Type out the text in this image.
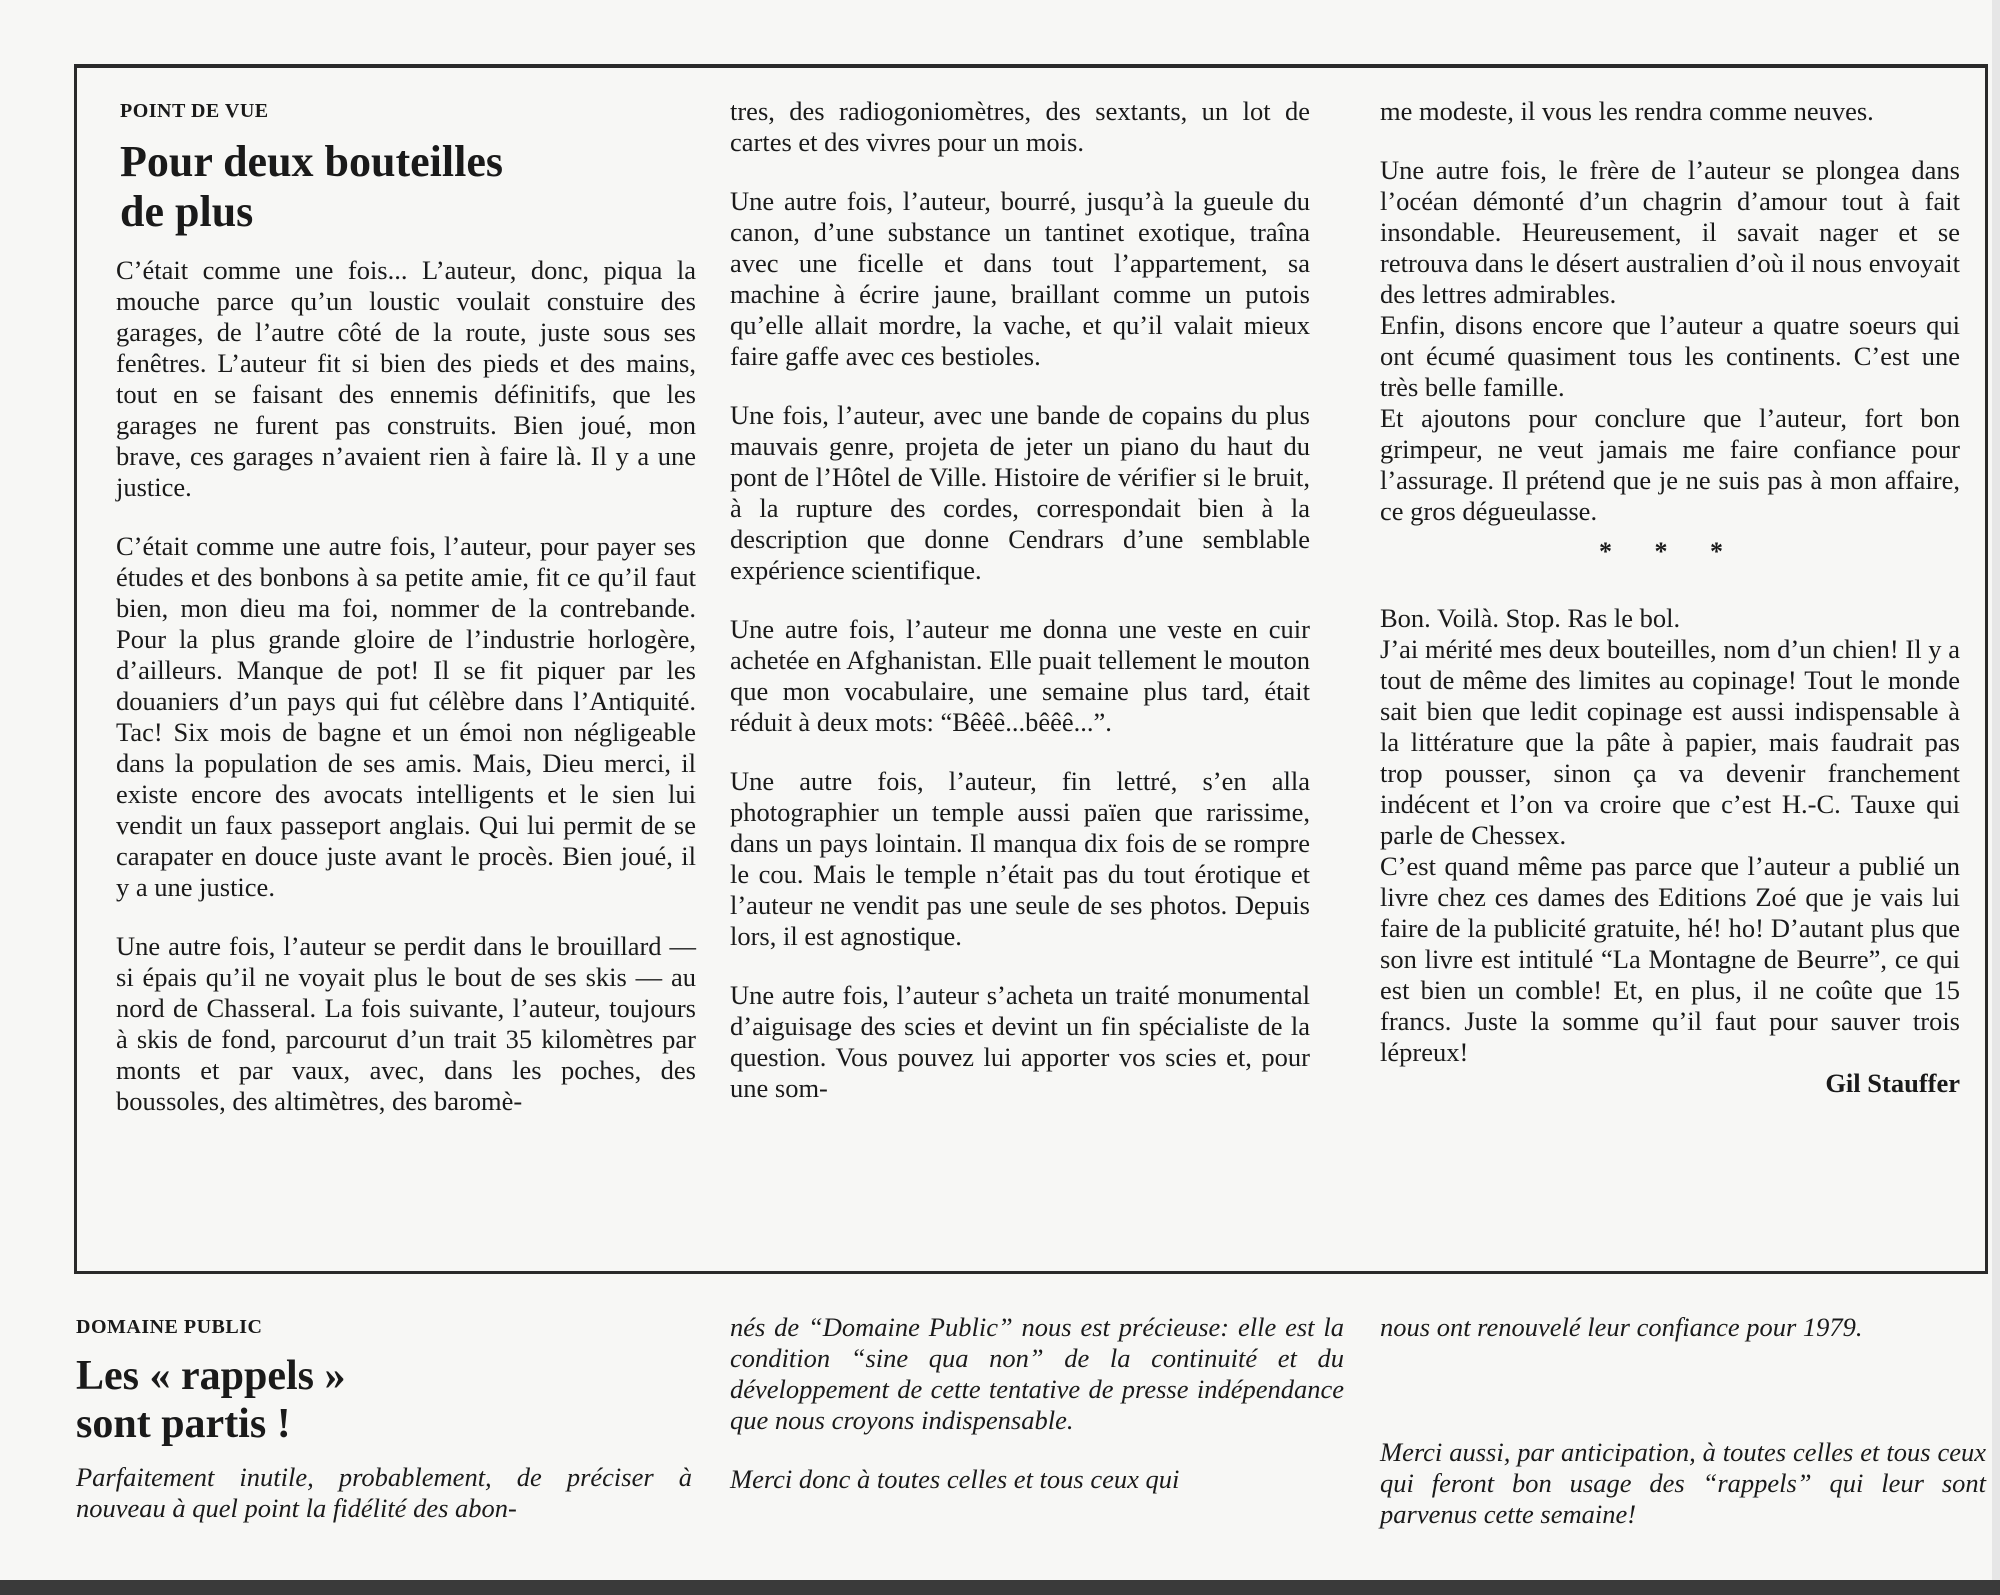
POINT DE VUE

Pour deux bouteilles
de plus

C’était comme une fois... L’auteur, donc, piqua la mouche parce qu’un loustic voulait constuire des garages, de l’autre côté de la route, juste sous ses fenêtres. L’auteur fit si bien des pieds et des mains, tout en se faisant des ennemis définitifs, que les garages ne furent pas construits. Bien joué, mon brave, ces garages n’avaient rien à faire là. Il y a une justice.

C’était comme une autre fois, l’auteur, pour payer ses études et des bonbons à sa petite amie, fit ce qu’il faut bien, mon dieu ma foi, nommer de la contrebande. Pour la plus grande gloire de l’industrie horlogère, d’ailleurs. Manque de pot! Il se fit piquer par les douaniers d’un pays qui fut célèbre dans l’Antiquité. Tac! Six mois de bagne et un émoi non négligeable dans la population de ses amis. Mais, Dieu merci, il existe encore des avocats intelligents et le sien lui vendit un faux passeport anglais. Qui lui permit de se carapater en douce juste avant le procès. Bien joué, il y a une justice.

Une autre fois, l’auteur se perdit dans le brouillard — si épais qu’il ne voyait plus le bout de ses skis — au nord de Chasseral. La fois suivante, l’auteur, toujours à skis de fond, parcourut d’un trait 35 kilomètres par monts et par vaux, avec, dans les poches, des boussoles, des altimètres, des baromè-

tres, des radiogoniomètres, des sextants, un lot de cartes et des vivres pour un mois.

Une autre fois, l’auteur, bourré, jusqu’à la gueule du canon, d’une substance un tantinet exotique, traîna avec une ficelle et dans tout l’appartement, sa machine à écrire jaune, braillant comme un putois qu’elle allait mordre, la vache, et qu’il valait mieux faire gaffe avec ces bestioles.

Une fois, l’auteur, avec une bande de copains du plus mauvais genre, projeta de jeter un piano du haut du pont de l’Hôtel de Ville. Histoire de vérifier si le bruit, à la rupture des cordes, correspondait bien à la description que donne Cendrars d’une semblable expérience scientifique.

Une autre fois, l’auteur me donna une veste en cuir achetée en Afghanistan. Elle puait tellement le mouton que mon vocabulaire, une semaine plus tard, était réduit à deux mots: “Bêêê...bêêê...”.

Une autre fois, l’auteur, fin lettré, s’en alla photographier un temple aussi païen que rarissime, dans un pays lointain. Il manqua dix fois de se rompre le cou. Mais le temple n’était pas du tout érotique et l’auteur ne vendit pas une seule de ses photos. Depuis lors, il est agnostique.

Une autre fois, l’auteur s’acheta un traité monumental d’aiguisage des scies et devint un fin spécialiste de la question. Vous pouvez lui apporter vos scies et, pour une som-

me modeste, il vous les rendra comme neuves.

Une autre fois, le frère de l’auteur se plongea dans l’océan démonté d’un chagrin d’amour tout à fait insondable. Heureusement, il savait nager et se retrouva dans le désert australien d’où il nous envoyait des lettres admirables.

Enfin, disons encore que l’auteur a quatre soeurs qui ont écumé quasiment tous les continents. C’est une très belle famille.

Et ajoutons pour conclure que l’auteur, fort bon grimpeur, ne veut jamais me faire confiance pour l’assurage. Il prétend que je ne suis pas à mon affaire, ce gros dégueulasse.

* * *

Bon. Voilà. Stop. Ras le bol.

J’ai mérité mes deux bouteilles, nom d’un chien! Il y a tout de même des limites au copinage! Tout le monde sait bien que ledit copinage est aussi indispensable à la littérature que la pâte à papier, mais faudrait pas trop pousser, sinon ça va devenir franchement indécent et l’on va croire que c’est H.-C. Tauxe qui parle de Chessex.

C’est quand même pas parce que l’auteur a publié un livre chez ces dames des Editions Zoé que je vais lui faire de la publicité gratuite, hé! ho! D’autant plus que son livre est intitulé “La Montagne de Beurre”, ce qui est bien un comble! Et, en plus, il ne coûte que 15 francs. Juste la somme qu’il faut pour sauver trois lépreux!

Gil Stauffer

DOMAINE PUBLIC

Les « rappels »
sont partis !

Parfaitement inutile, probablement, de préciser à nouveau à quel point la fidélité des abon-

nés de “Domaine Public” nous est précieuse: elle est la condition “sine qua non” de la continuité et du développement de cette tentative de presse indépendance que nous croyons indispensable.

Merci donc à toutes celles et tous ceux qui

nous ont renouvelé leur confiance pour 1979.

Merci aussi, par anticipation, à toutes celles et tous ceux qui feront bon usage des “rappels” qui leur sont parvenus cette semaine!
